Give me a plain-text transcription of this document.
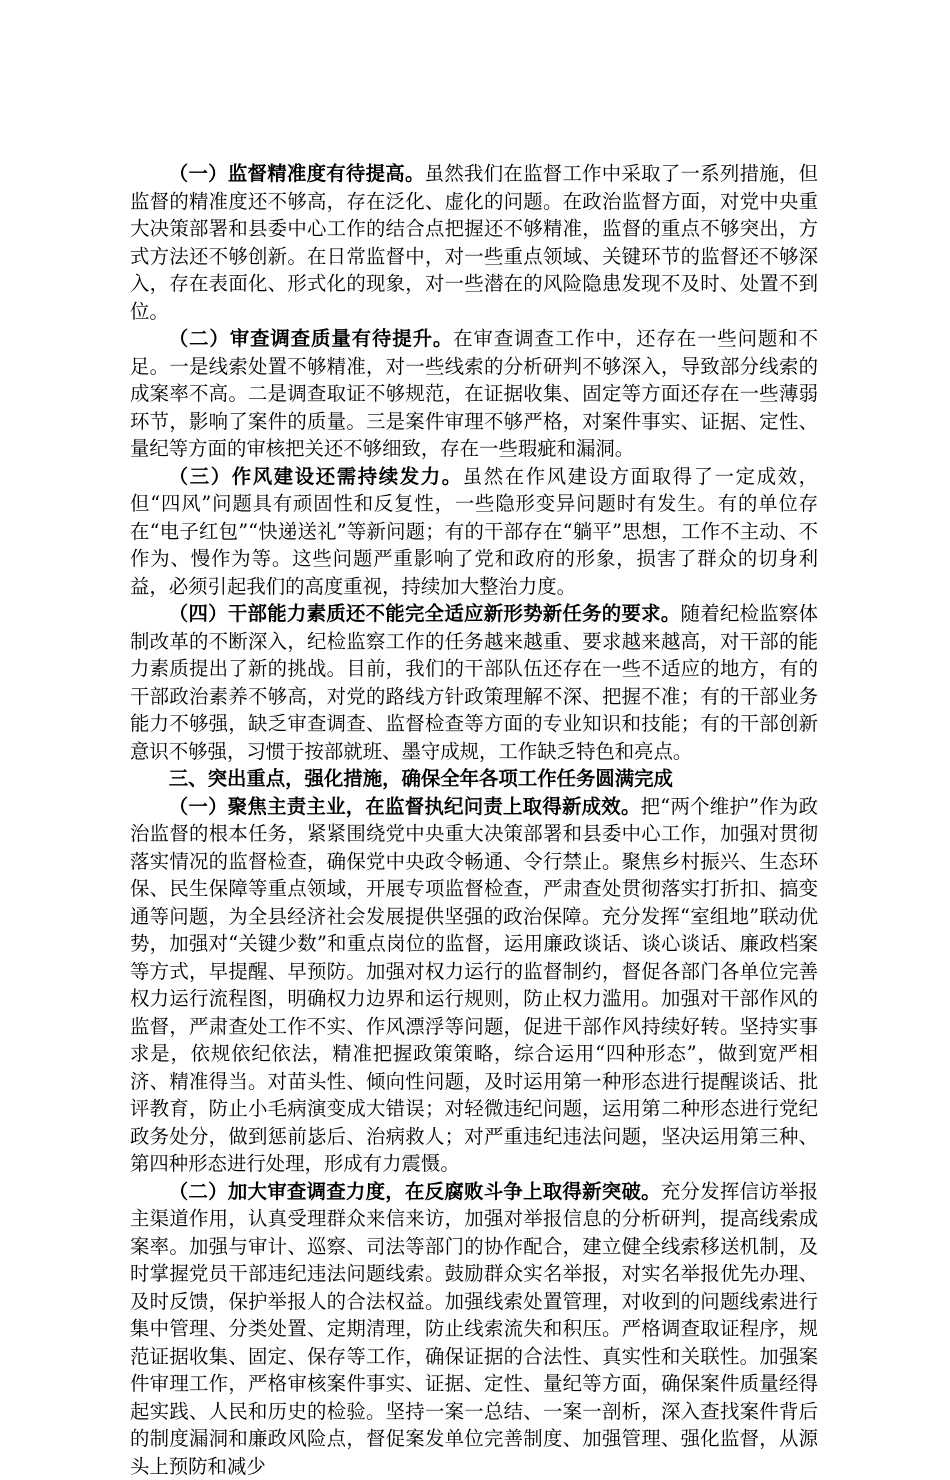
（一）监督精准度有待提高。虽然我们在监督工作中采取了一系列措施，但监督的精准度还不够高，存在泛化、虚化的问题。在政治监督方面，对党中央重大决策部署和县委中心工作的结合点把握还不够精准，监督的重点不够突出，方式方法还不够创新。在日常监督中，对一些重点领域、关键环节的监督还不够深入，存在表面化、形式化的现象，对一些潜在的风险隐患发现不及时、处置不到位。

（二）审查调查质量有待提升。在审查调查工作中，还存在一些问题和不足。一是线索处置不够精准，对一些线索的分析研判不够深入，导致部分线索的成案率不高。二是调查取证不够规范，在证据收集、固定等方面还存在一些薄弱环节，影响了案件的质量。三是案件审理不够严格，对案件事实、证据、定性、量纪等方面的审核把关还不够细致，存在一些瑕疵和漏洞。

（三）作风建设还需持续发力。虽然在作风建设方面取得了一定成效，但“四风”问题具有顽固性和反复性，一些隐形变异问题时有发生。有的单位存在“电子红包”“快递送礼”等新问题；有的干部存在“躺平”思想，工作不主动、不作为、慢作为等。这些问题严重影响了党和政府的形象，损害了群众的切身利益，必须引起我们的高度重视，持续加大整治力度。

（四）干部能力素质还不能完全适应新形势新任务的要求。随着纪检监察体制改革的不断深入，纪检监察工作的任务越来越重、要求越来越高，对干部的能力素质提出了新的挑战。目前，我们的干部队伍还存在一些不适应的地方，有的干部政治素养不够高，对党的路线方针政策理解不深、把握不准；有的干部业务能力不够强，缺乏审查调查、监督检查等方面的专业知识和技能；有的干部创新意识不够强，习惯于按部就班、墨守成规，工作缺乏特色和亮点。

三、突出重点，强化措施，确保全年各项工作任务圆满完成

（一）聚焦主责主业，在监督执纪问责上取得新成效。把“两个维护”作为政治监督的根本任务，紧紧围绕党中央重大决策部署和县委中心工作，加强对贯彻落实情况的监督检查，确保党中央政令畅通、令行禁止。聚焦乡村振兴、生态环保、民生保障等重点领域，开展专项监督检查，严肃查处贯彻落实打折扣、搞变通等问题，为全县经济社会发展提供坚强的政治保障。充分发挥“室组地”联动优势，加强对“关键少数”和重点岗位的监督，运用廉政谈话、谈心谈话、廉政档案等方式，早提醒、早预防。加强对权力运行的监督制约，督促各部门各单位完善权力运行流程图，明确权力边界和运行规则，防止权力滥用。加强对干部作风的监督，严肃查处工作不实、作风漂浮等问题，促进干部作风持续好转。坚持实事求是，依规依纪依法，精准把握政策策略，综合运用“四种形态”，做到宽严相济、精准得当。对苗头性、倾向性问题，及时运用第一种形态进行提醒谈话、批评教育，防止小毛病演变成大错误；对轻微违纪问题，运用第二种形态进行党纪政务处分，做到惩前毖后、治病救人；对严重违纪违法问题，坚决运用第三种、第四种形态进行处理，形成有力震慑。

（二）加大审查调查力度，在反腐败斗争上取得新突破。充分发挥信访举报主渠道作用，认真受理群众来信来访，加强对举报信息的分析研判，提高线索成案率。加强与审计、巡察、司法等部门的协作配合，建立健全线索移送机制，及时掌握党员干部违纪违法问题线索。鼓励群众实名举报，对实名举报优先办理、及时反馈，保护举报人的合法权益。加强线索处置管理，对收到的问题线索进行集中管理、分类处置、定期清理，防止线索流失和积压。严格调查取证程序，规范证据收集、固定、保存等工作，确保证据的合法性、真实性和关联性。加强案件审理工作，严格审核案件事实、证据、定性、量纪等方面，确保案件质量经得起实践、人民和历史的检验。坚持一案一总结、一案一剖析，深入查找案件背后的制度漏洞和廉政风险点，督促案发单位完善制度、加强管理、强化监督，从源头上预防和减少
